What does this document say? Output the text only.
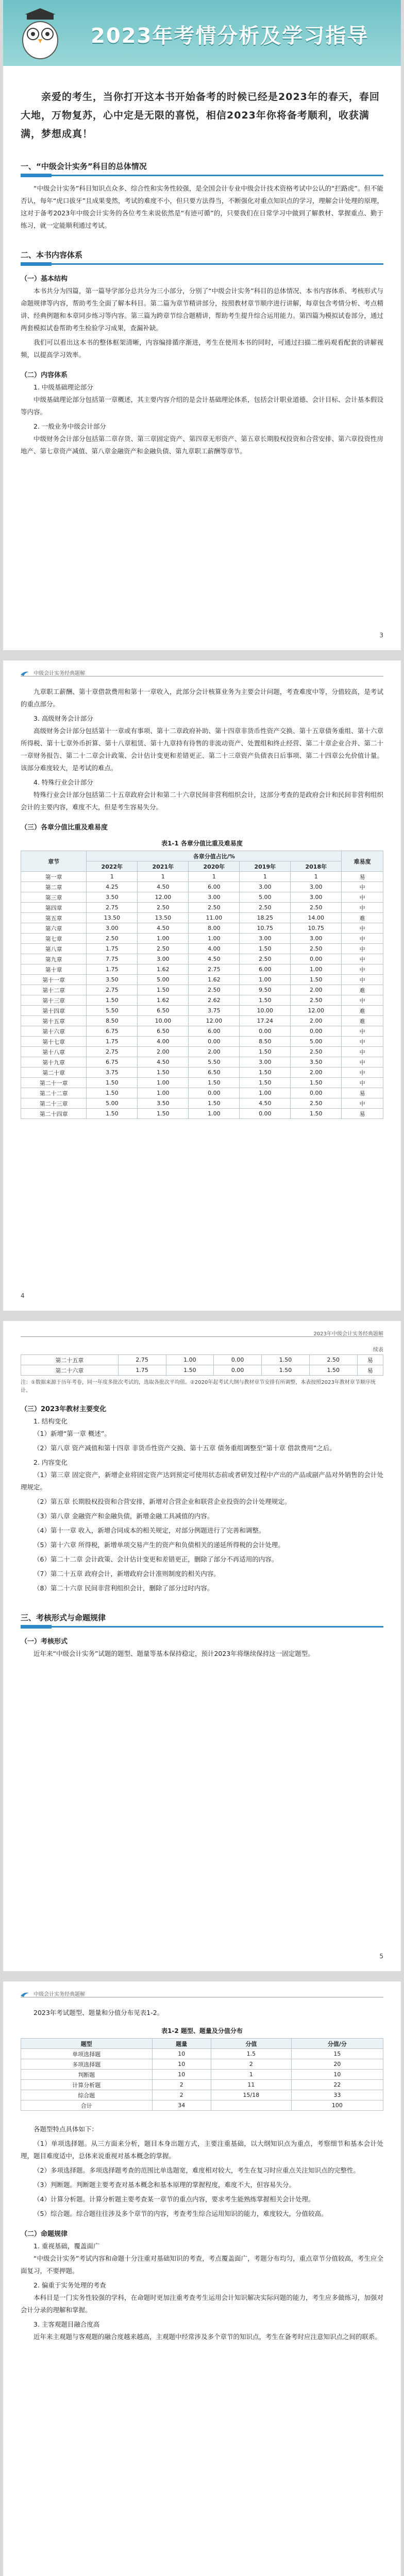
2023年考情分析及学习指导
亲爱的考生，当你打开这本书开始备考的时候已经是2023年的春天，春回大地，万物复苏，心中定是无限的喜悦，相信2023年你将备考顺利，收获满满，梦想成真！
一、“中级会计实务”科目的总体情况
“中级会计实务”科目知识点众多、综合性和实务性较强，是全国会计专业中级会计技术资格考试中公认的“拦路虎”。但不能否认，每年“虎口拔牙”且成果斐然，考试的难度不小，但只要方法得当，不断强化对重点知识点的学习，理解会计处理的原理，这对于备考2023年中级会计实务的各位考生来说依然是“有迹可循”的，只要我们在日常学习中做到了解教材、掌握重点、勤于练习，就一定能顺利通过考试。
二、本书内容体系
（一）基本结构
本书共分为四篇，第一篇导学部分总共分为三小部分，分别了“中级会计实务”科目的总体情况、本书内容体系、考核形式与命题规律等内容，帮助考生全面了解本科目。第二篇为章节精讲部分，按照教材章节顺序进行讲解，每章包含考情分析、考点精讲、经典例题和本章同步练习等内容。第三篇为跨章节综合题精讲，帮助考生提升综合运用能力。第四篇为模拟试卷部分，通过两套模拟试卷帮助考生检验学习成果，查漏补缺。
我们可以看出这本书的整体框架清晰，内容编排循序渐进，考生在使用本书的同时，可通过扫描二维码观看配套的讲解视频，以提高学习效率。
（二）内容体系
1. 中级基础理论部分
中级基础理论部分包括第一章概述，其主要内容介绍的是会计基础理论体系，包括会计职业道德、会计目标、会计基本假设等内容。
2. 一般业务中级会计部分
中级财务会计部分包括第二章存货、第三章固定资产、第四章无形资产、第五章长期股权投资和合营安排、第六章投资性房地产、第七章资产减值、第八章金融资产和金融负债、第九章职工薪酬等章节。
3
中级会计实务经典题解
九章职工薪酬、第十章借款费用和第十一章收入，此部分会计核算业务为主要会计问题，考查难度中等，分值较高，是考试的重点部分。
3. 高级财务会计部分
高级财务会计部分包括第十一章或有事项、第十二章政府补助、第十四章非货币性资产交换、第十五章债务重组、第十六章所得税、第十七章外币折算、第十八章租赁、第十九章持有待售的非流动资产、处置组和终止经营、第二十章企业合并、第二十一章财务报告、第二十二章会计政策、会计估计变更和差错更正、第二十三章资产负债表日后事项、第二十四章公允价值计量。该部分难度较大，是考试的难点。
4. 特殊行业会计部分
特殊行业会计部分包括第二十五章政府会计和第二十六章民间非营利组织会计，这部分考查的是政府会计和民间非营利组织会计的主要内容，难度不大，但是考生容易失分。
（三）各章分值比重及难易度
表1-1 各章分值比重及难易度
章节	各章分值占比/%					难易度
	2022年	2021年	2020年	2019年	2018年	
第一章	1	1	1	1	1	易
第二章	4.25	4.50	6.00	3.00	3.00	中
第三章	3.50	12.00	3.00	5.00	3.00	中
第四章	2.75	2.50	2.50	2.50	2.50	中
第五章	13.50	13.50	11.00	18.25	14.00	难
第六章	3.00	4.50	8.00	10.75	10.75	中
第七章	2.50	1.00	1.00	3.00	3.00	中
第八章	1.75	2.50	4.00	1.50	2.50	中
第九章	7.75	3.00	4.50	2.50	0.00	中
第十章	1.75	1.62	2.75	6.00	1.00	中
第十一章	3.50	5.00	1.62	1.00	1.50	中
第十二章	2.75	1.50	2.50	9.50	2.00	难
第十三章	1.50	1.62	2.62	1.50	2.50	中
第十四章	5.50	6.50	3.75	10.00	12.00	难
第十五章	8.50	10.00	12.00	17.24	2.00	难
第十六章	6.75	6.50	6.00	0.00	0.00	中
第十七章	1.75	4.00	0.00	8.50	5.00	中
第十八章	2.75	2.00	2.00	1.50	2.50	中
第十九章	6.75	4.50	5.50	3.00	3.50	中
第二十章	3.75	1.50	6.50	1.50	2.00	中
第二十一章	1.50	1.00	1.50	1.50	1.50	中
第二十二章	1.50	1.00	0.00	1.00	0.00	易
第二十三章	5.00	3.50	1.50	4.50	2.50	中
第二十四章	1.50	1.50	1.00	0.00	1.50	易
4
2023年中级会计实务经典题解
续表
第二十五章	2.75	1.00	0.00	1.50	2.50	易
第二十六章	1.75	1.50	0.00	1.50	1.50	易
注：①数据来源于历年考卷，同一年度多批次考试的，选取各批次平均值。②2020年起考试大纲与教材章节安排有所调整，本表按照2023年教材章节顺序统计。
（三）2023年教材主要变化
1. 结构变化
（1）新增“第一章 概述”。
（2）第八章 资产减值和第十四章 非货币性资产交换、第十五章 债务重组调整至“第十章 借款费用”之后。
2. 内容变化
（1）第三章 固定资产，新增企业将固定资产达到预定可使用状态前或者研发过程中产出的产品或副产品对外销售的会计处理规定。
（2）第五章 长期股权投资和合营安排，新增对合营企业和联营企业投资的会计处理规定。
（3）第八章 金融资产和金融负债，新增金融工具减值的内容。
（4）第十一章 收入，新增合同成本的相关规定，对部分例题进行了完善和调整。
（5）第十六章 所得税，新增单项交易产生的资产和负债相关的递延所得税的会计处理。
（6）第二十二章 会计政策、会计估计变更和差错更正，删除了部分不再适用的内容。
（7）第二十五章 政府会计，新增政府会计准则制度的相关内容。
（8）第二十六章 民间非营利组织会计，删除了部分过时内容。
三、考核形式与命题规律
（一）考核形式
近年来“中级会计实务”试题的题型、题量等基本保持稳定，预计2023年将继续保持这一固定题型。
5
中级会计实务经典题解
2023年考试题型、题量和分值分布见表1-2。
表1-2 题型、题量及分值分布
题型	题量	分值	分值/分
单项选择题	10	1.5	15
多项选择题	10	2	20
判断题	10	1	10
计算分析题	2	11	22
综合题	2	15/18	33
合计	34		100
各题型特点具体如下：
（1）单项选择题。从三方面来分析，题目本身出题方式，主要注重基础，以大纲知识点为重点，考察细节和基本会计处理，题目难度适中，总体来说重视对基本概念的掌握。
（2）多项选择题。多项选择题考查的范围比单选题宽，难度相对较大，考生在复习时应重点关注知识点的完整性。
（3）判断题。判断题主要考查对基本概念和基本原理的掌握程度，难度不大，但容易失分。
（4）计算分析题。计算分析题主要考查某一章节的重点内容，要求考生能熟练掌握相关会计处理。
（5）综合题。综合题往往涉及多个章节的内容，考查考生综合运用知识的能力，难度较大，分值较高。
（二）命题规律
1. 重视基础，覆盖面广
“中级会计实务”考试内容和命题十分注重对基础知识的考查，考点覆盖面广，考题分布均匀，重点章节分值较高，考生应全面复习，不要押题。
2. 偏重于实务处理的考查
本科目是一门实务性较强的学科，在命题时更加注重考查考生运用会计知识解决实际问题的能力，考生应多做练习，加强对会计分录的理解和掌握。
3. 主客观题目融合度高
近年来主观题与客观题的融合度越来越高，主观题中经常涉及多个章节的知识点，考生在备考时应注意知识点之间的联系。
